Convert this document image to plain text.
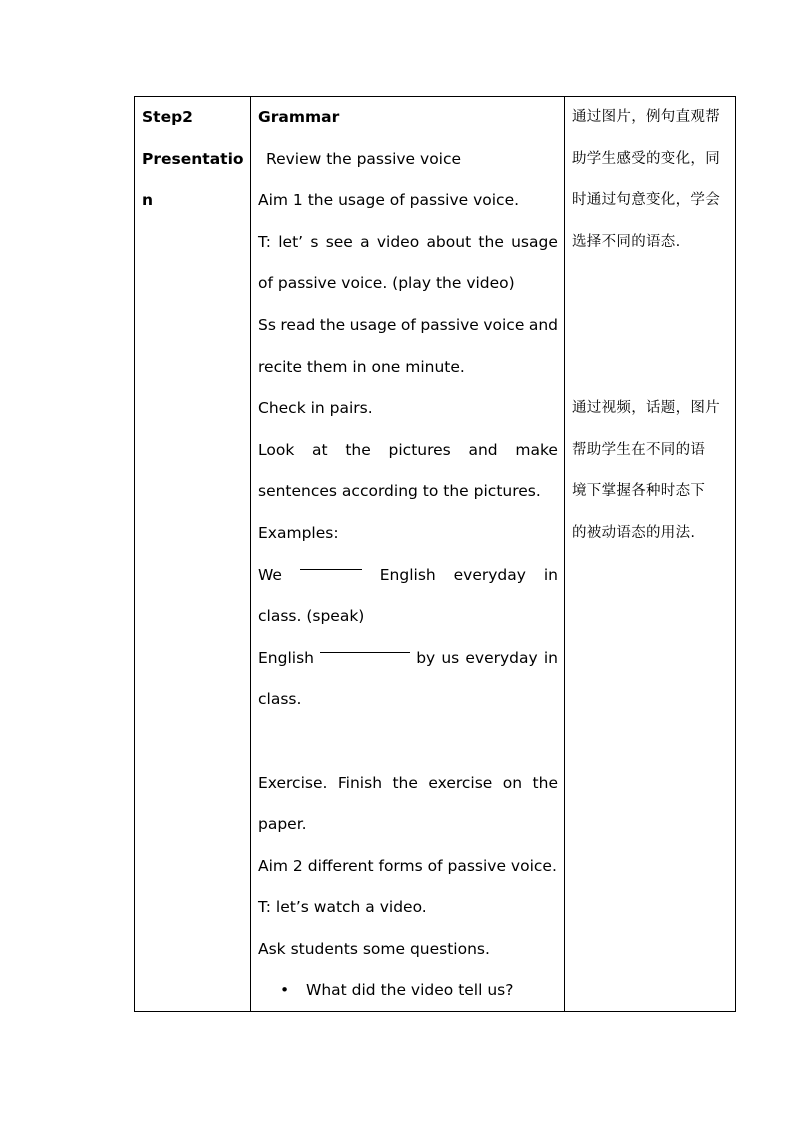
Step2
Presentatio
n
Grammar
Review the passive voice
Aim 1 the usage of passive voice.
T: let’ s see a video about the usage
of passive voice. (play the video)
Ss read the usage of passive voice and
recite them in one minute.
Check in pairs.
Look at the pictures and make
sentences according to the pictures.
Examples:
We	English everyday in
class. (speak)
English	by us everyday in
class.
Exercise. Finish the exercise on the
paper.
Aim 2 different forms of passive voice.
T: let’s watch a video.
Ask students some questions.
• What did the video tell us?
通过图片，例句直观帮
助学生感受的变化，同
时通过句意变化，学会
选择不同的语态.
通过视频，话题，图片
帮助学生在不同的语
境下掌握各种时态下
的被动语态的用法.
